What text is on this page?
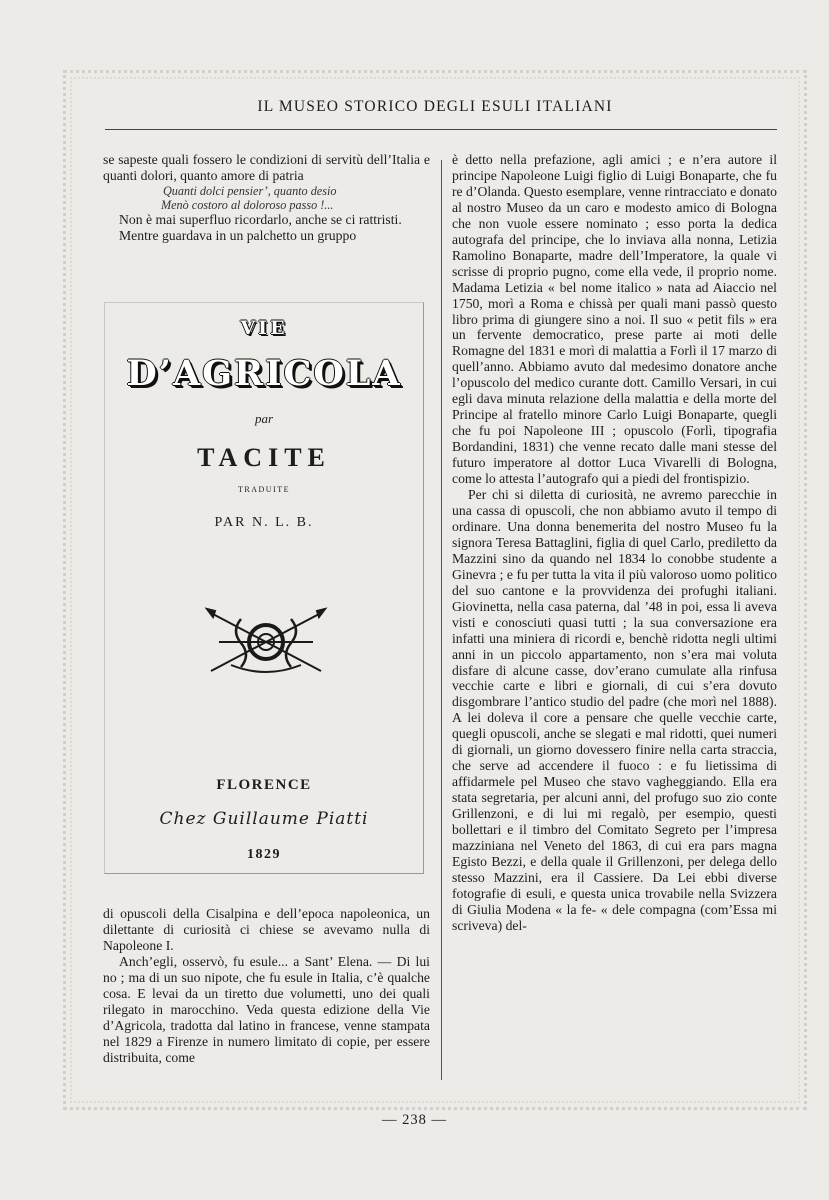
IL MUSEO STORICO DEGLI ESULI ITALIANI

se sapeste quali fossero le condizioni di servitù dell’Italia e quanti dolori, quanto amore di patria

Quanti dolci pensier’, quanto desio

Menò costoro al doloroso passo !...

Non è mai superfluo ricordarlo, anche se ci rattristi.

Mentre guardava in un palchetto un gruppo

VIE
D’AGRICOLA
par
TACITE
TRADUITE
PAR N. L. B.
FLORENCE
Chez Guillaume Piatti
1829

di opuscoli della Cisalpina e dell’epoca napoleonica, un dilettante di curiosità ci chiese se avevamo nulla di Napoleone I.

Anch’egli, osservò, fu esule... a Sant’ Elena. — Di lui no ; ma di un suo nipote, che fu esule in Italia, c’è qualche cosa. E levai da un tiretto due volumetti, uno dei quali rilegato in marocchino. Veda questa edizione della Vie d’Agricola, tradotta dal latino in francese, venne stampata nel 1829 a Firenze in numero limitato di copie, per essere distribuita, come

è detto nella prefazione, agli amici ; e n’era autore il principe Napoleone Luigi figlio di Luigi Bonaparte, che fu re d’Olanda. Questo esemplare, venne rintracciato e donato al nostro Museo da un caro e modesto amico di Bologna che non vuole essere nominato ; esso porta la dedica autografa del principe, che lo inviava alla nonna, Letizia Ramolino Bonaparte, madre dell’Imperatore, la quale vi scrisse di proprio pugno, come ella vede, il proprio nome. Madama Letizia « bel nome italico » nata ad Aiaccio nel 1750, morì a Roma e chissà per quali mani passò questo libro prima di giungere sino a noi. Il suo « petit fils » era un fervente democratico, prese parte ai moti delle Romagne del 1831 e morì di malattia a Forlì il 17 marzo di quell’anno. Abbiamo avuto dal medesimo donatore anche l’opuscolo del medico curante dott. Camillo Versari, in cui egli dava minuta relazione della malattia e della morte del Principe al fratello minore Carlo Luigi Bonaparte, quegli che fu poi Napoleone III ; opuscolo (Forlì, tipografia Bordandini, 1831) che venne recato dalle mani stesse del futuro imperatore al dottor Luca Vivarelli di Bologna, come lo attesta l’autografo qui a piedi del frontispizio.

Per chi si diletta di curiosità, ne avremo parecchie in una cassa di opuscoli, che non abbiamo avuto il tempo di ordinare. Una donna benemerita del nostro Museo fu la signora Teresa Battaglini, figlia di quel Carlo, prediletto da Mazzini sino da quando nel 1834 lo conobbe studente a Ginevra ; e fu per tutta la vita il più valoroso uomo politico del suo cantone e la provvidenza dei profughi italiani. Giovinetta, nella casa paterna, dal ’48 in poi, essa li aveva visti e conosciuti quasi tutti ; la sua conversazione era infatti una miniera di ricordi e, benchè ridotta negli ultimi anni in un piccolo appartamento, non s’era mai voluta disfare di alcune casse, dov’erano cumulate alla rinfusa vecchie carte e libri e giornali, di cui s’era dovuto disgombrare l’antico studio del padre (che morì nel 1888). A lei doleva il core a pensare che quelle vecchie carte, quegli opuscoli, anche se slegati e mal ridotti, quei numeri di giornali, un giorno dovessero finire nella carta straccia, che serve ad accendere il fuoco : e fu lietissima di affidarmele pel Museo che stavo vagheggiando. Ella era stata segretaria, per alcuni anni, del profugo suo zio conte Grillenzoni, e di lui mi regalò, per esempio, questi bollettari e il timbro del Comitato Segreto per l’impresa mazziniana nel Veneto del 1863, di cui era pars magna Egisto Bezzi, e della quale il Grillenzoni, per delega dello stesso Mazzini, era il Cassiere. Da Lei ebbi diverse fotografie di esuli, e questa unica trovabile nella Svizzera di Giulia Modena « la fe- « dele compagna (com’Essa mi scriveva) del-

— 238 —
